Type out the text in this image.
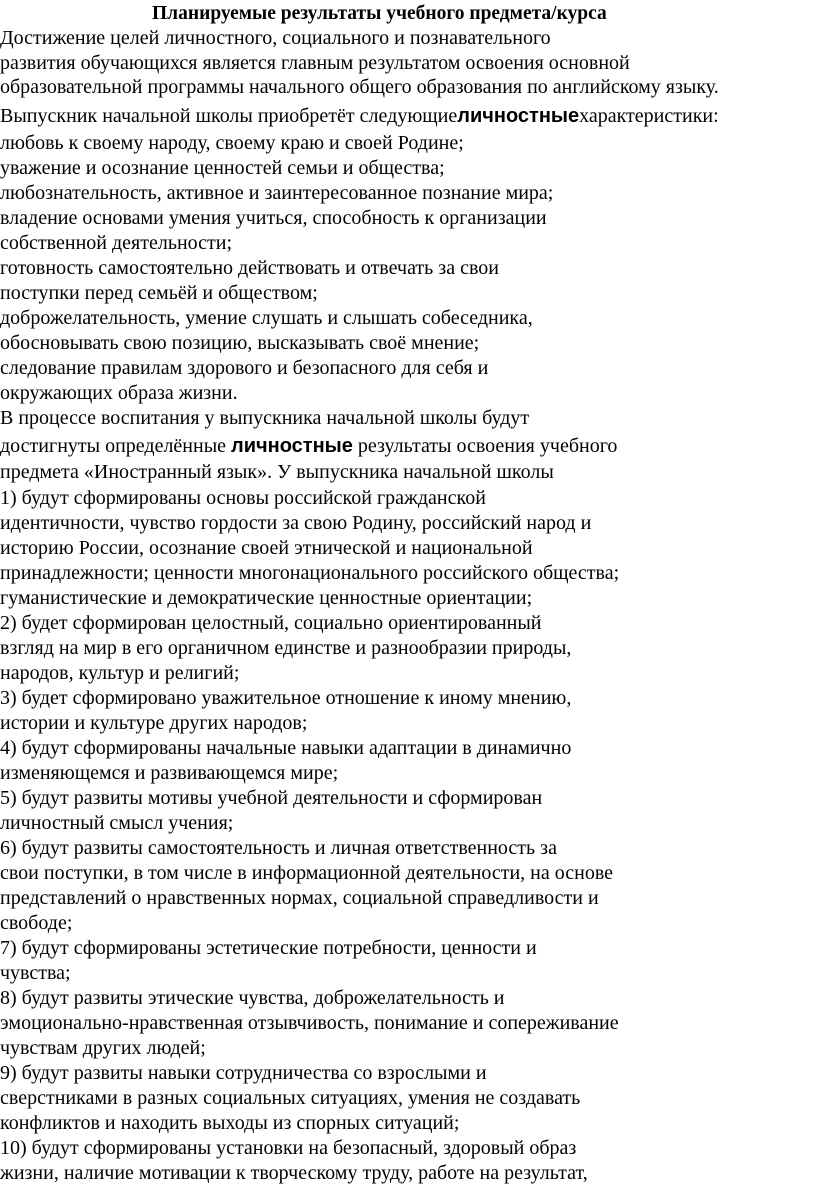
Планируемые результаты учебного предмета/курса
Достижение целей личностного, социального и познавательного
развития обучающихся является главным результатом освоения основной
образовательной программы начального общего образования по английскому языку.
Выпускник начальной школы приобретёт следующиеличностныехарактеристики:
любовь к своему народу, своему краю и своей Родине;
уважение и осознание ценностей семьи и общества;
любознательность, активное и заинтересованное познание мира;
владение основами умения учиться, способность к организации
собственной деятельности;
готовность самостоятельно действовать и отвечать за свои
поступки перед семьёй и обществом;
доброжелательность, умение слушать и слышать собеседника,
обосновывать свою позицию, высказывать своё мнение;
следование правилам здорового и безопасного для себя и
окружающих образа жизни.
В процессе воспитания у выпускника начальной школы будут
достигнуты определённые личностные результаты освоения учебного
предмета «Иностранный язык». У выпускника начальной школы
1) будут сформированы основы российской гражданской
идентичности, чувство гордости за свою Родину, российский народ и
историю России, осознание своей этнической и национальной
принадлежности; ценности многонационального российского общества;
гуманистические и демократические ценностные ориентации;
2) будет сформирован целостный, социально ориентированный
взгляд на мир в его органичном единстве и разнообразии природы,
народов, культур и религий;
3) будет сформировано уважительное отношение к иному мнению,
истории и культуре других народов;
4) будут сформированы начальные навыки адаптации в динамично
изменяющемся и развивающемся мире;
5) будут развиты мотивы учебной деятельности и сформирован
личностный смысл учения;
6) будут развиты самостоятельность и личная ответственность за
свои поступки, в том числе в информационной деятельности, на основе
представлений о нравственных нормах, социальной справедливости и
свободе;
7) будут сформированы эстетические потребности, ценности и
чувства;
8) будут развиты этические чувства, доброжелательность и
эмоционально-нравственная отзывчивость, понимание и сопереживание
чувствам других людей;
9) будут развиты навыки сотрудничества со взрослыми и
сверстниками в разных социальных ситуациях, умения не создавать
конфликтов и находить выходы из спорных ситуаций;
10) будут сформированы установки на безопасный, здоровый образ
жизни, наличие мотивации к творческому труду, работе на результат,
